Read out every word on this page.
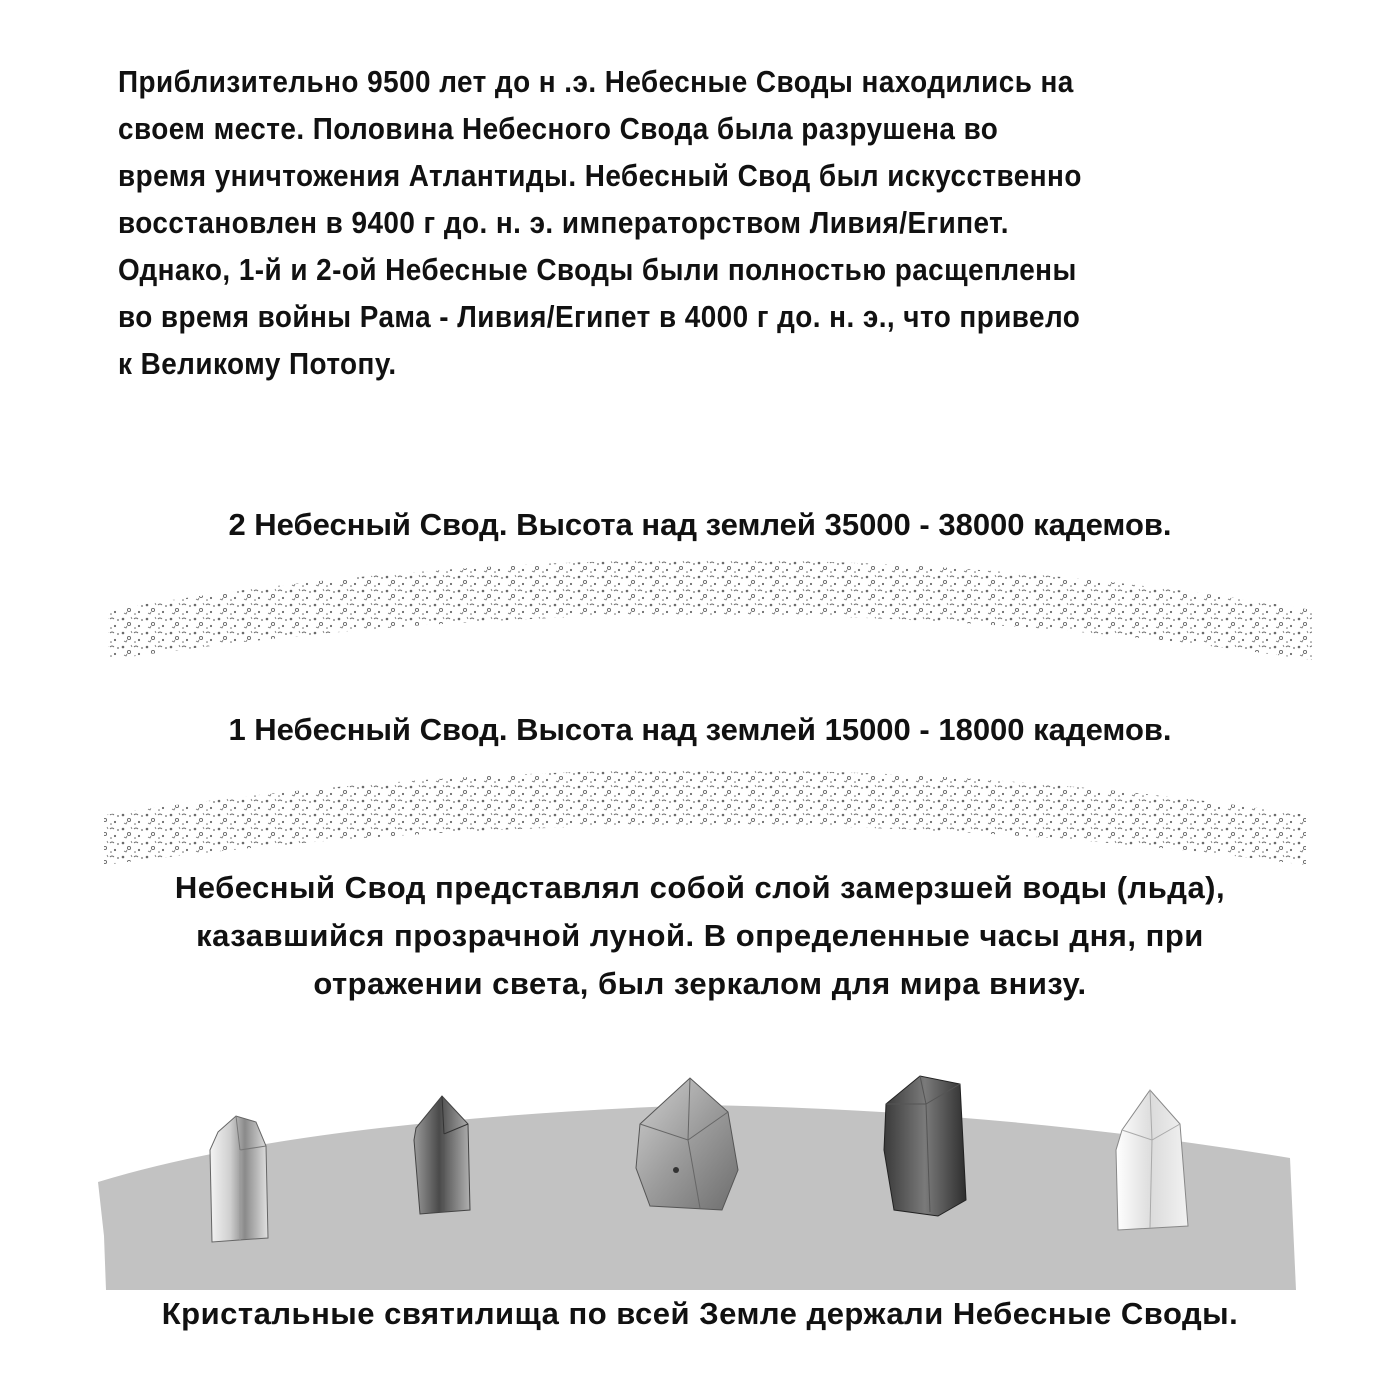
Приблизительно 9500 лет до н .э. Небесные Своды находились на
своем месте. Половина Небесного Свода была разрушена во
время уничтожения Атлантиды. Небесный Свод был искусственно
восстановлен в 9400 г до. н. э. императорством Ливия/Египет.
Однако, 1-й и 2-ой Небесные Своды были полностью расщеплены
во время войны Рама - Ливия/Египет в 4000 г до. н. э., что привело
к Великому Потопу.
2 Небесный Свод. Высота над землей 35000 - 38000 кадемов.
1 Небесный Свод. Высота над землей 15000 - 18000 кадемов.
Небесный Свод представлял собой слой замерзшей воды (льда),
казавшийся прозрачной луной. В определенные часы дня, при
отражении света, был зеркалом для мира внизу.
Кристальные святилища по всей Земле держали Небесные Своды.
